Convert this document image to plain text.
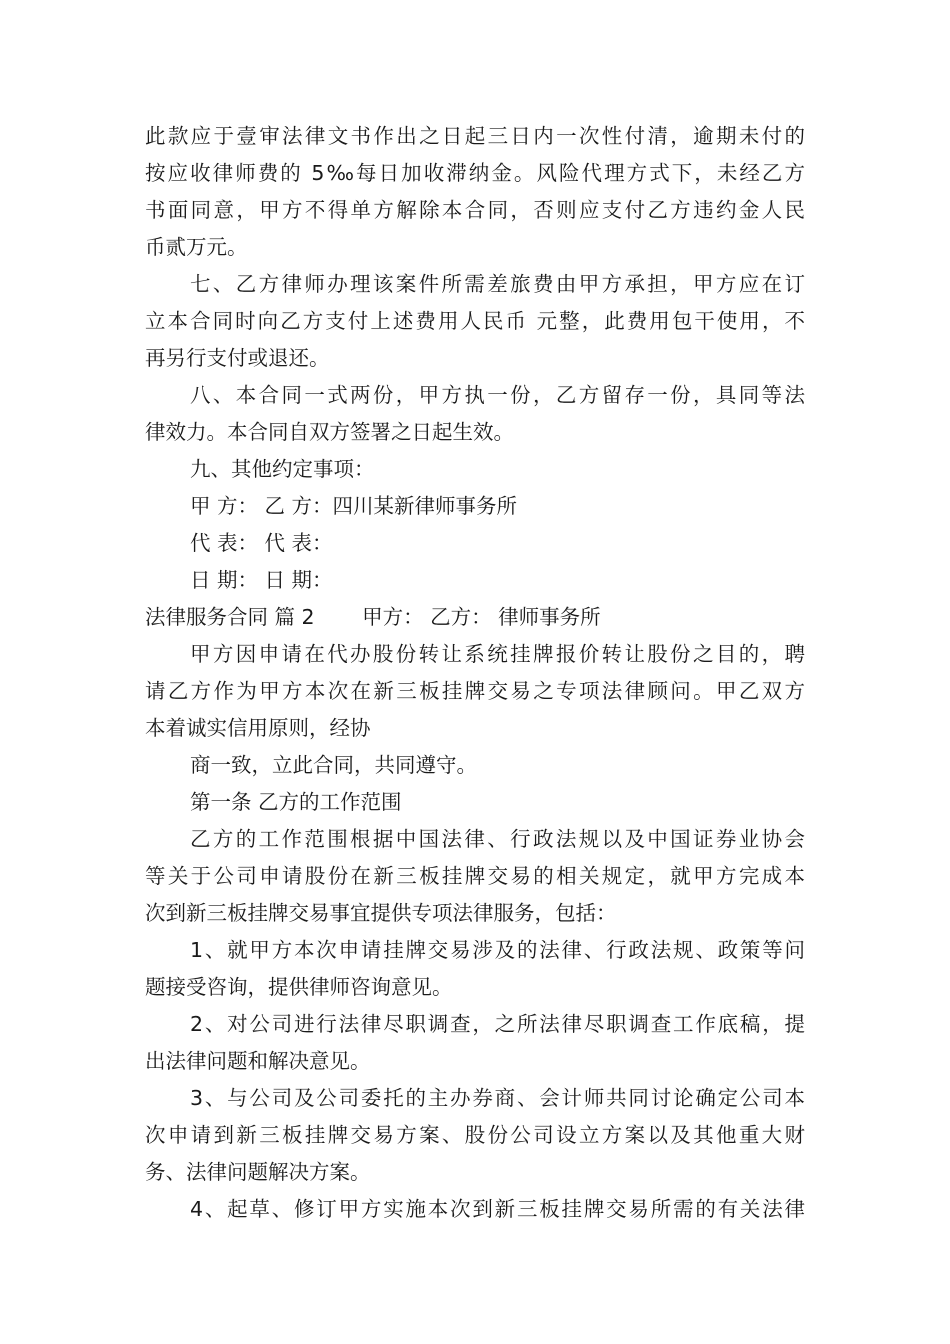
此款应于壹审法律文书作出之日起三日内一次性付清，逾期未付的
按应收律师费的 5‰每日加收滞纳金。风险代理方式下，未经乙方
书面同意，甲方不得单方解除本合同，否则应支付乙方违约金人民
币贰万元。
七、乙方律师办理该案件所需差旅费由甲方承担，甲方应在订
立本合同时向乙方支付上述费用人民币 元整，此费用包干使用，不
再另行支付或退还。
八、本合同一式两份，甲方执一份，乙方留存一份，具同等法
律效力。本合同自双方签署之日起生效。
九、其他约定事项：
甲 方： 乙 方：四川某新律师事务所
代 表： 代 表：
日 期： 日 期：
法律服务合同 篇 2　　 甲方： 乙方： 律师事务所
甲方因申请在代办股份转让系统挂牌报价转让股份之目的，聘
请乙方作为甲方本次在新三板挂牌交易之专项法律顾问。甲乙双方
本着诚实信用原则，经协
商一致，立此合同，共同遵守。
第一条 乙方的工作范围
乙方的工作范围根据中国法律、行政法规以及中国证券业协会
等关于公司申请股份在新三板挂牌交易的相关规定，就甲方完成本
次到新三板挂牌交易事宜提供专项法律服务，包括：
1、就甲方本次申请挂牌交易涉及的法律、行政法规、政策等问
题接受咨询，提供律师咨询意见。
2、对公司进行法律尽职调查，之所法律尽职调查工作底稿，提
出法律问题和解决意见。
3、与公司及公司委托的主办券商、会计师共同讨论确定公司本
次申请到新三板挂牌交易方案、股份公司设立方案以及其他重大财
务、法律问题解决方案。
4、起草、修订甲方实施本次到新三板挂牌交易所需的有关法律
